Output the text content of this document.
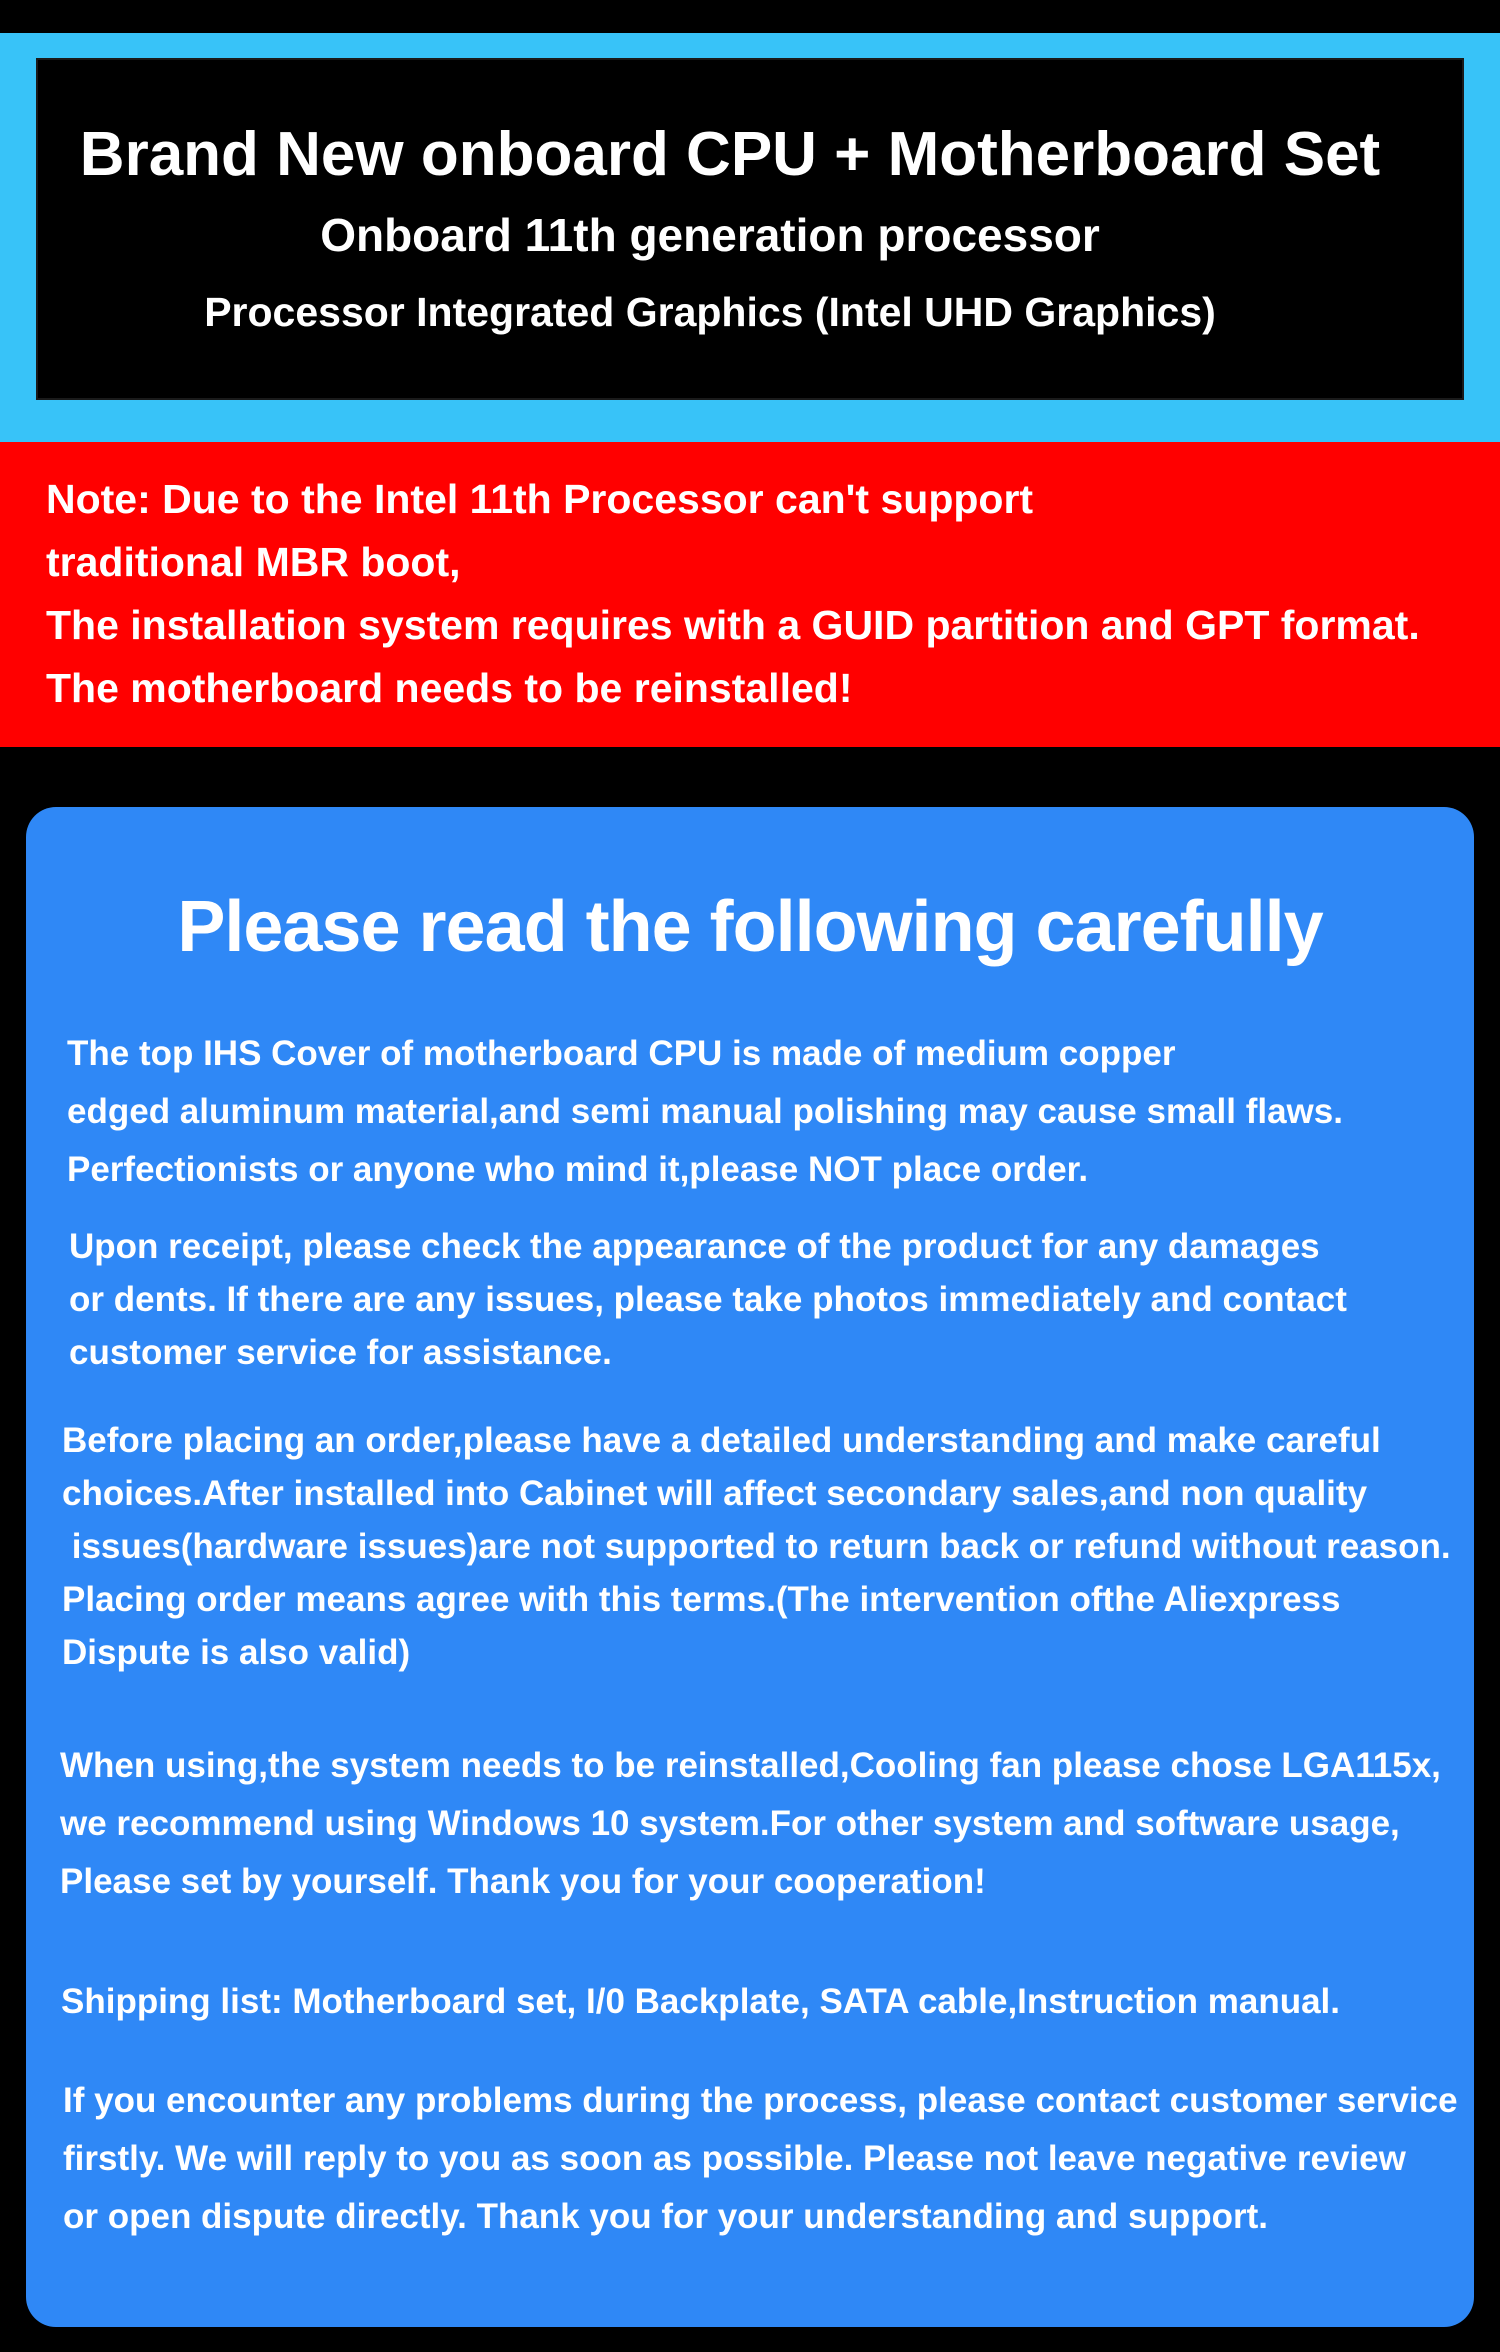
Brand New onboard CPU + Motherboard Set
Onboard 11th generation processor
Processor Integrated Graphics (Intel UHD Graphics)

Note: Due to the Intel 11th Processor can't support
traditional MBR boot,
The installation system requires with a GUID partition and GPT format.
The motherboard needs to be reinstalled!

Please read the following carefully

The top IHS Cover of motherboard CPU is made of medium copper
edged aluminum material,and semi manual polishing may cause small flaws.
Perfectionists or anyone who mind it,please NOT place order.

Upon receipt, please check the appearance of the product for any damages
or dents. If there are any issues, please take photos immediately and contact
customer service for assistance.

Before placing an order,please have a detailed understanding and make careful
choices.After installed into Cabinet will affect secondary sales,and non quality
issues(hardware issues)are not supported to return back or refund without reason.
Placing order means agree with this terms.(The intervention ofthe Aliexpress
Dispute is also valid)

When using,the system needs to be reinstalled,Cooling fan please chose LGA115x,
we recommend using Windows 10 system.For other system and software usage,
Please set by yourself. Thank you for your cooperation!

Shipping list: Motherboard set, I/0 Backplate, SATA cable,Instruction manual.

If you encounter any problems during the process, please contact customer service
firstly. We will reply to you as soon as possible. Please not leave negative review
or open dispute directly. Thank you for your understanding and support.
